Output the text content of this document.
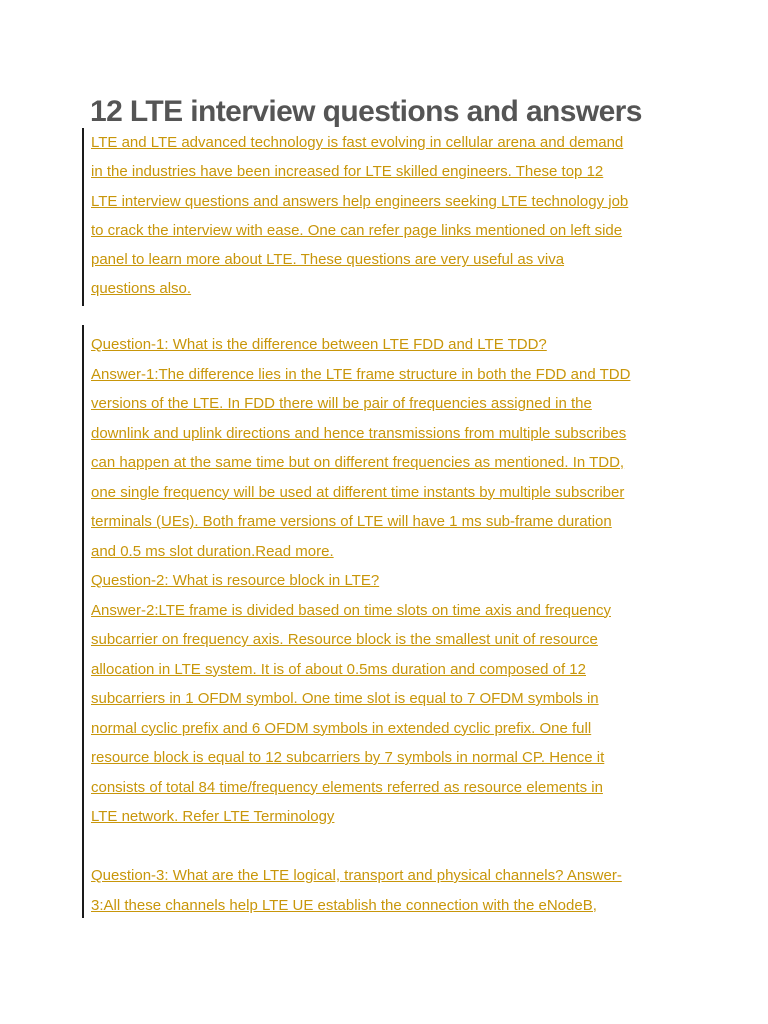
12 LTE interview questions and answers
LTE and LTE advanced technology is fast evolving in cellular arena and demand
in the industries have been increased for LTE skilled engineers. These top 12
LTE interview questions and answers help engineers seeking LTE technology job
to crack the interview with ease. One can refer page links mentioned on left side
panel to learn more about LTE. These questions are very useful as viva
questions also.
Question-1: What is the difference between LTE FDD and LTE TDD?
Answer-1:The difference lies in the LTE frame structure in both the FDD and TDD
versions of the LTE. In FDD there will be pair of frequencies assigned in the
downlink and uplink directions and hence transmissions from multiple subscribes
can happen at the same time but on different frequencies as mentioned. In TDD,
one single frequency will be used at different time instants by multiple subscriber
terminals (UEs). Both frame versions of LTE will have 1 ms sub-frame duration
and 0.5 ms slot duration.Read more.
Question-2: What is resource block in LTE?
Answer-2:LTE frame is divided based on time slots on time axis and frequency
subcarrier on frequency axis. Resource block is the smallest unit of resource
allocation in LTE system. It is of about 0.5ms duration and composed of 12
subcarriers in 1 OFDM symbol. One time slot is equal to 7 OFDM symbols in
normal cyclic prefix and 6 OFDM symbols in extended cyclic prefix. One full
resource block is equal to 12 subcarriers by 7 symbols in normal CP. Hence it
consists of total 84 time/frequency elements referred as resource elements in
LTE network. Refer LTE Terminology
Question-3: What are the LTE logical, transport and physical channels? Answer-
3:All these channels help LTE UE establish the connection with the eNodeB,
